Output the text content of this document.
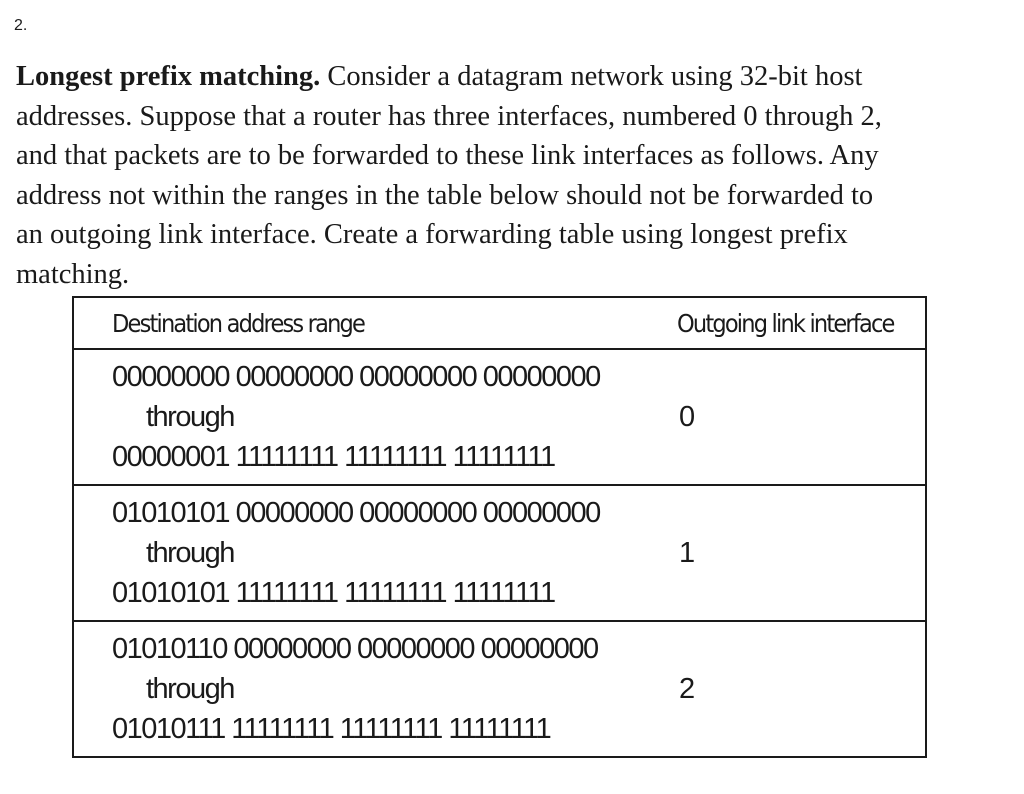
2.

Longest prefix matching. Consider a datagram network using 32-bit host
addresses. Suppose that a router has three interfaces, numbered 0 through 2,
and that packets are to be forwarded to these link interfaces as follows. Any
address not within the ranges in the table below should not be forwarded to
an outgoing link interface. Create a forwarding table using longest prefix
matching.

Destination address range	Outgoing link interface

00000000 00000000 00000000 00000000
through
00000001 11111111 11111111 11111111	0

01010101 00000000 00000000 00000000
through
01010101 11111111 11111111 11111111	1

01010110 00000000 00000000 00000000
through
01010111 11111111 11111111 11111111	2
